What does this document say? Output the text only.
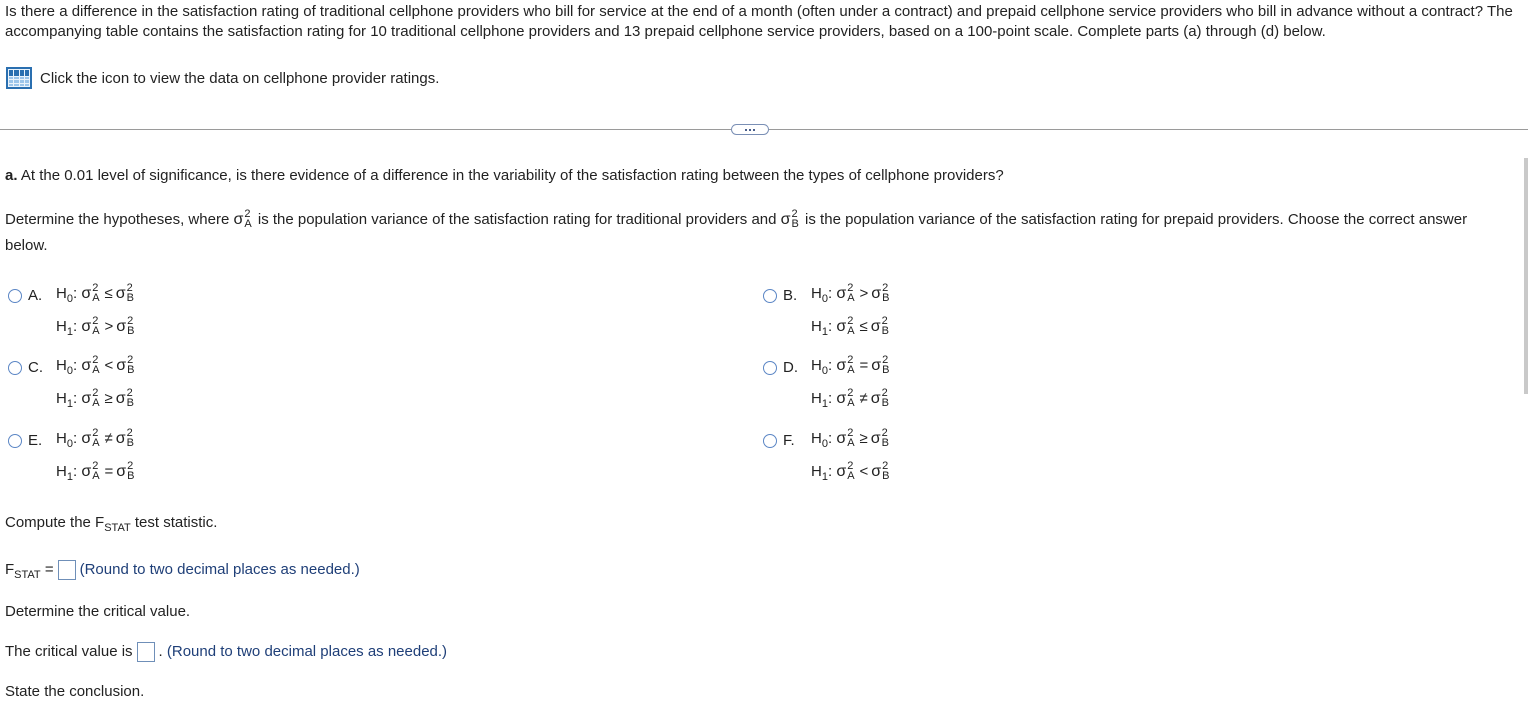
Is there a difference in the satisfaction rating of traditional cellphone providers who bill for service at the end of a month (often under a contract) and prepaid cellphone service providers who bill in advance without a contract? The accompanying table contains the satisfaction rating for 10 traditional cellphone providers and 13 prepaid cellphone service providers, based on a 100-point scale. Complete parts (a) through (d) below.
Click the icon to view the data on cellphone provider ratings.
a. At the 0.01 level of significance, is there evidence of a difference in the variability of the satisfaction rating between the types of cellphone providers?
Determine the hypotheses, where σ 2
A is the population variance of the satisfaction rating for traditional providers and σ 2
B is the population variance of the satisfaction rating for prepaid providers. Choose the correct answer below.
A. $H_0$: σ 2
A ≤ σ 2
B
$H_1$: σ 2
A > σ 2
B
B. $H_0$: σ 2
A > σ 2
B
$H_1$: σ 2
A ≤ σ 2
B
C. $H_0$: σ 2
A < σ 2
B
$H_1$: σ 2
A ≥ σ 2
B
D. $H_0$: σ 2
A = σ 2
B
$H_1$: σ 2
A ≠ σ 2
B
E. $H_0$: σ 2
A ≠ σ 2
B
$H_1$: σ 2
A = σ 2
B
F.	$H_0$: σ 2
A ≥ σ 2
B
$H_1$: σ 2
A < σ 2
B
Compute the $F_{STAT}$ test statistic.
$F_{STAT}$ = (Round to two decimal places as needed.)
Determine the critical value.
The critical value is . (Round to two decimal places as needed.)
State the conclusion.
